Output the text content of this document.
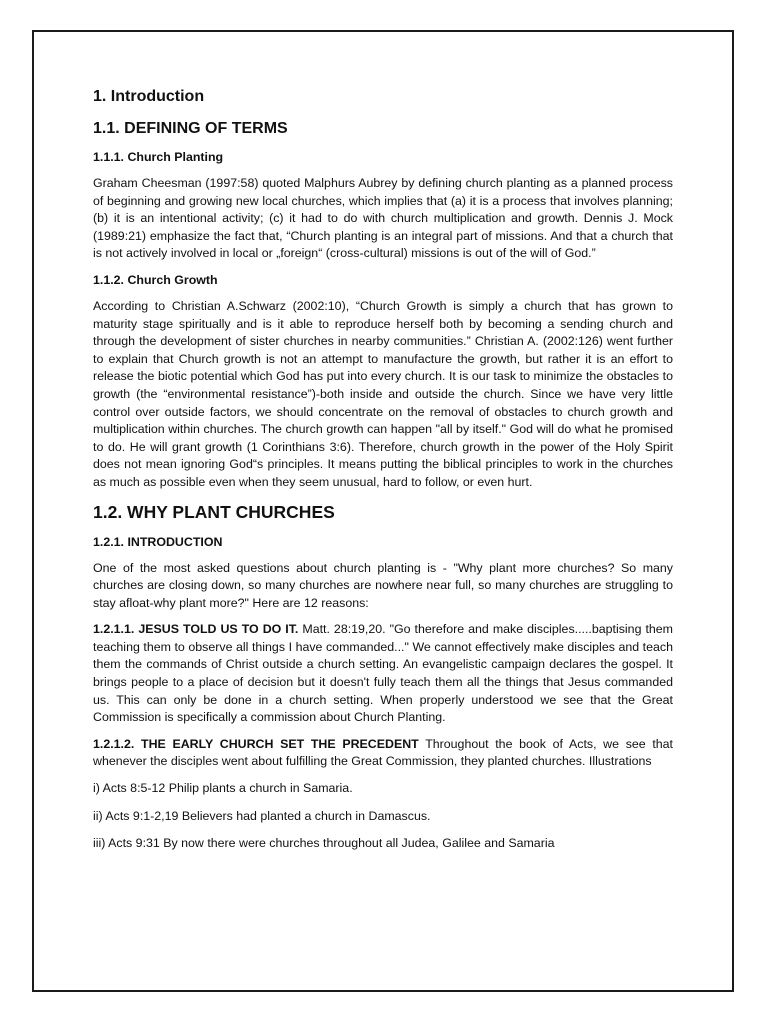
1. Introduction
1.1. DEFINING OF TERMS
1.1.1. Church Planting

Graham Cheesman (1997:58) quoted Malphurs Aubrey by defining church planting as a planned process of beginning and growing new local churches, which implies that (a) it is a process that involves planning; (b) it is an intentional activity; (c) it had to do with church multiplication and growth. Dennis J. Mock (1989:21) emphasize the fact that, “Church planting is an integral part of missions. And that a church that is not actively involved in local or „foreign“ (cross-cultural) missions is out of the will of God.”

1.1.2. Church Growth

According to Christian A.Schwarz (2002:10), “Church Growth is simply a church that has grown to maturity stage spiritually and is it able to reproduce herself both by becoming a sending church and through the development of sister churches in nearby communities.” Christian A. (2002:126) went further to explain that Church growth is not an attempt to manufacture the growth, but rather it is an effort to release the biotic potential which God has put into every church. It is our task to minimize the obstacles to growth (the “environmental resistance”)-both inside and outside the church. Since we have very little control over outside factors, we should concentrate on the removal of obstacles to church growth and multiplication within churches. The church growth can happen "all by itself." God will do what he promised to do. He will grant growth (1 Corinthians 3:6). Therefore, church growth in the power of the Holy Spirit does not mean ignoring God“s principles. It means putting the biblical principles to work in the churches as much as possible even when they seem unusual, hard to follow, or even hurt.

1.2. WHY PLANT CHURCHES
1.2.1. INTRODUCTION

One of the most asked questions about church planting is - "Why plant more churches? So many churches are closing down, so many churches are nowhere near full, so many churches are struggling to stay afloat-why plant more?" Here are 12 reasons:

1.2.1.1. JESUS TOLD US TO DO IT. Matt. 28:19,20. "Go therefore and make disciples.....baptising them teaching them to observe all things I have commanded..." We cannot effectively make disciples and teach them the commands of Christ outside a church setting. An evangelistic campaign declares the gospel. It brings people to a place of decision but it doesn't fully teach them all the things that Jesus commanded us. This can only be done in a church setting. When properly understood we see that the Great Commission is specifically a commission about Church Planting.

1.2.1.2. THE EARLY CHURCH SET THE PRECEDENT Throughout the book of Acts, we see that whenever the disciples went about fulfilling the Great Commission, they planted churches. Illustrations

i) Acts 8:5-12 Philip plants a church in Samaria.

ii) Acts 9:1-2,19 Believers had planted a church in Damascus.

iii) Acts 9:31 By now there were churches throughout all Judea, Galilee and Samaria
